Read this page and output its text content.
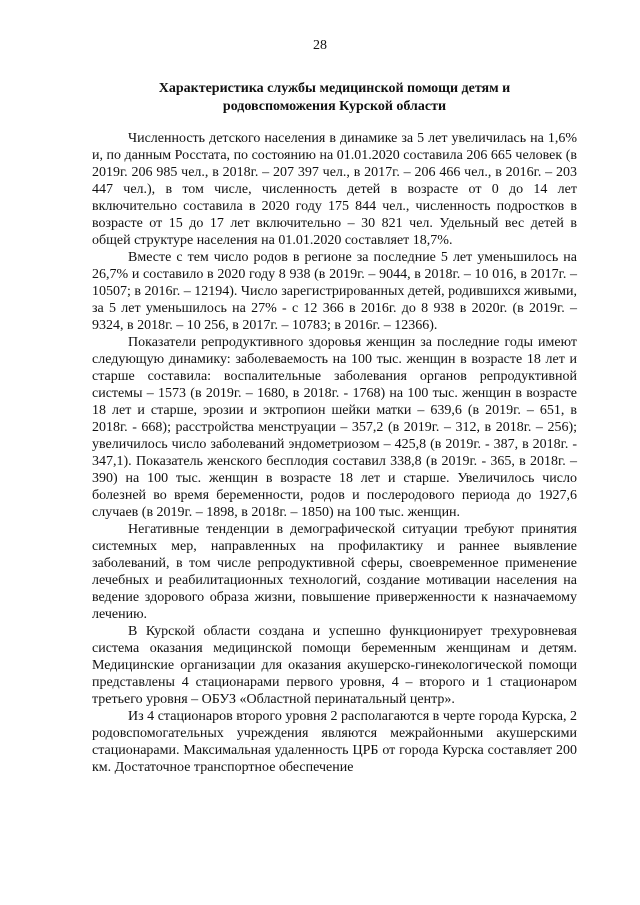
28
Характеристика службы медицинской помощи детям и
родовспоможения Курской области

Численность детского населения в динамике за 5 лет увеличилась на 1,6% и, по данным Росстата, по состоянию на 01.01.2020 составила 206 665 человек (в 2019г. 206 985 чел., в 2018г. – 207 397 чел., в 2017г. – 206 466 чел., в 2016г. – 203 447 чел.), в том числе, численность детей в возрасте от 0 до 14 лет включительно составила в 2020 году 175 844 чел., численность подростков в возрасте от 15 до 17 лет включительно – 30 821 чел. Удельный вес детей в общей структуре населения на 01.01.2020 составляет 18,7%.

Вместе с тем число родов в регионе за последние 5 лет уменьшилось на 26,7% и составило в 2020 году 8 938 (в 2019г. – 9044, в 2018г. – 10 016, в 2017г. – 10507; в 2016г. – 12194). Число зарегистрированных детей, родившихся живыми, за 5 лет уменьшилось на 27% - с 12 366 в 2016г. до 8 938 в 2020г. (в 2019г. – 9324, в 2018г. – 10 256, в 2017г. – 10783; в 2016г. – 12366).

Показатели репродуктивного здоровья женщин за последние годы имеют следующую динамику: заболеваемость на 100 тыс. женщин в возрасте 18 лет и старше составила: воспалительные заболевания органов репродуктивной системы – 1573 (в 2019г. – 1680, в 2018г. - 1768) на 100 тыс. женщин в возрасте 18 лет и старше, эрозии и эктропион шейки матки – 639,6 (в 2019г. – 651, в 2018г. - 668); расстройства менструации – 357,2 (в 2019г. – 312, в 2018г. – 256); увеличилось число заболеваний эндометриозом – 425,8 (в 2019г. - 387, в 2018г. - 347,1). Показатель женского бесплодия составил 338,8 (в 2019г. - 365, в 2018г. – 390) на 100 тыс. женщин в возрасте 18 лет и старше. Увеличилось число болезней во время беременности, родов и послеродового периода до 1927,6 случаев (в 2019г. – 1898, в 2018г. – 1850) на 100 тыс. женщин.

Негативные тенденции в демографической ситуации требуют принятия системных мер, направленных на профилактику и раннее выявление заболеваний, в том числе репродуктивной сферы, своевременное применение лечебных и реабилитационных технологий, создание мотивации населения на ведение здорового образа жизни, повышение приверженности к назначаемому лечению.

В Курской области создана и успешно функционирует трехуровневая система оказания медицинской помощи беременным женщинам и детям. Медицинские организации для оказания акушерско-гинекологической помощи представлены 4 стационарами первого уровня, 4 – второго и 1 стационаром третьего уровня – ОБУЗ «Областной перинатальный центр».

Из 4 стационаров второго уровня 2 располагаются в черте города Курска, 2 родовспомогательных учреждения являются межрайонными акушерскими стационарами. Максимальная удаленность ЦРБ от города Курска составляет 200 км. Достаточное транспортное обеспечение
